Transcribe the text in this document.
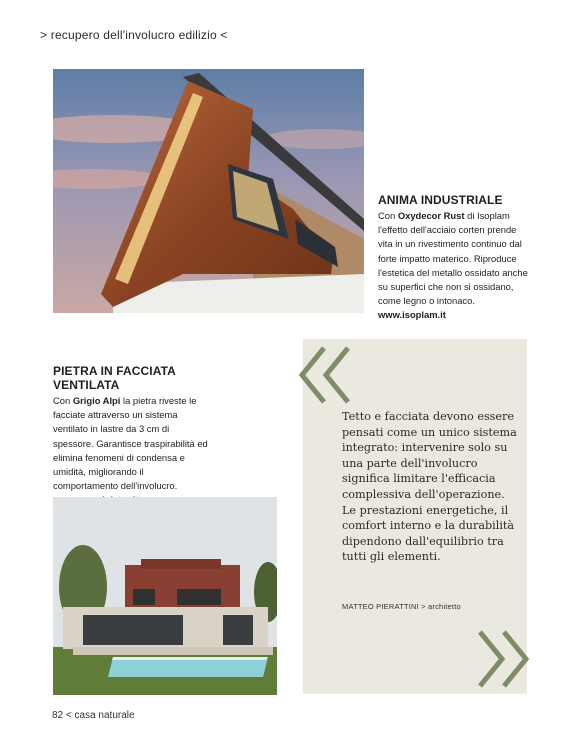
> recupero dell'involucro edilizio <

ANIMA INDUSTRIALE

Con Oxydecor Rust di Isoplam l'effetto dell'acciaio corten prende vita in un rivestimento continuo dal forte impatto materico. Riproduce l'estetica del metallo ossidato anche su superfici che non si ossidano, come legno o intonaco.

www.isoplam.it

PIETRA IN FACCIATA VENTILATA

Con Grigio Alpi la pietra riveste le facciate attraverso un sistema ventilato in lastre da 3 cm di spessore. Garantisce traspirabilità ed elimina fenomeni di condensa e umidità, migliorando il comportamento dell'involucro.

Tetto e facciata devono essere pensati come un unico sistema integrato: intervenire solo su una parte dell'involucro significa limitare l'efficacia complessiva dell'operazione. Le prestazioni energetiche, il comfort interno e la durabilità dipendono dall'equilibrio tra tutti gli elementi.
MATTEO PIERATTINI > architetto
82 < casa naturale
